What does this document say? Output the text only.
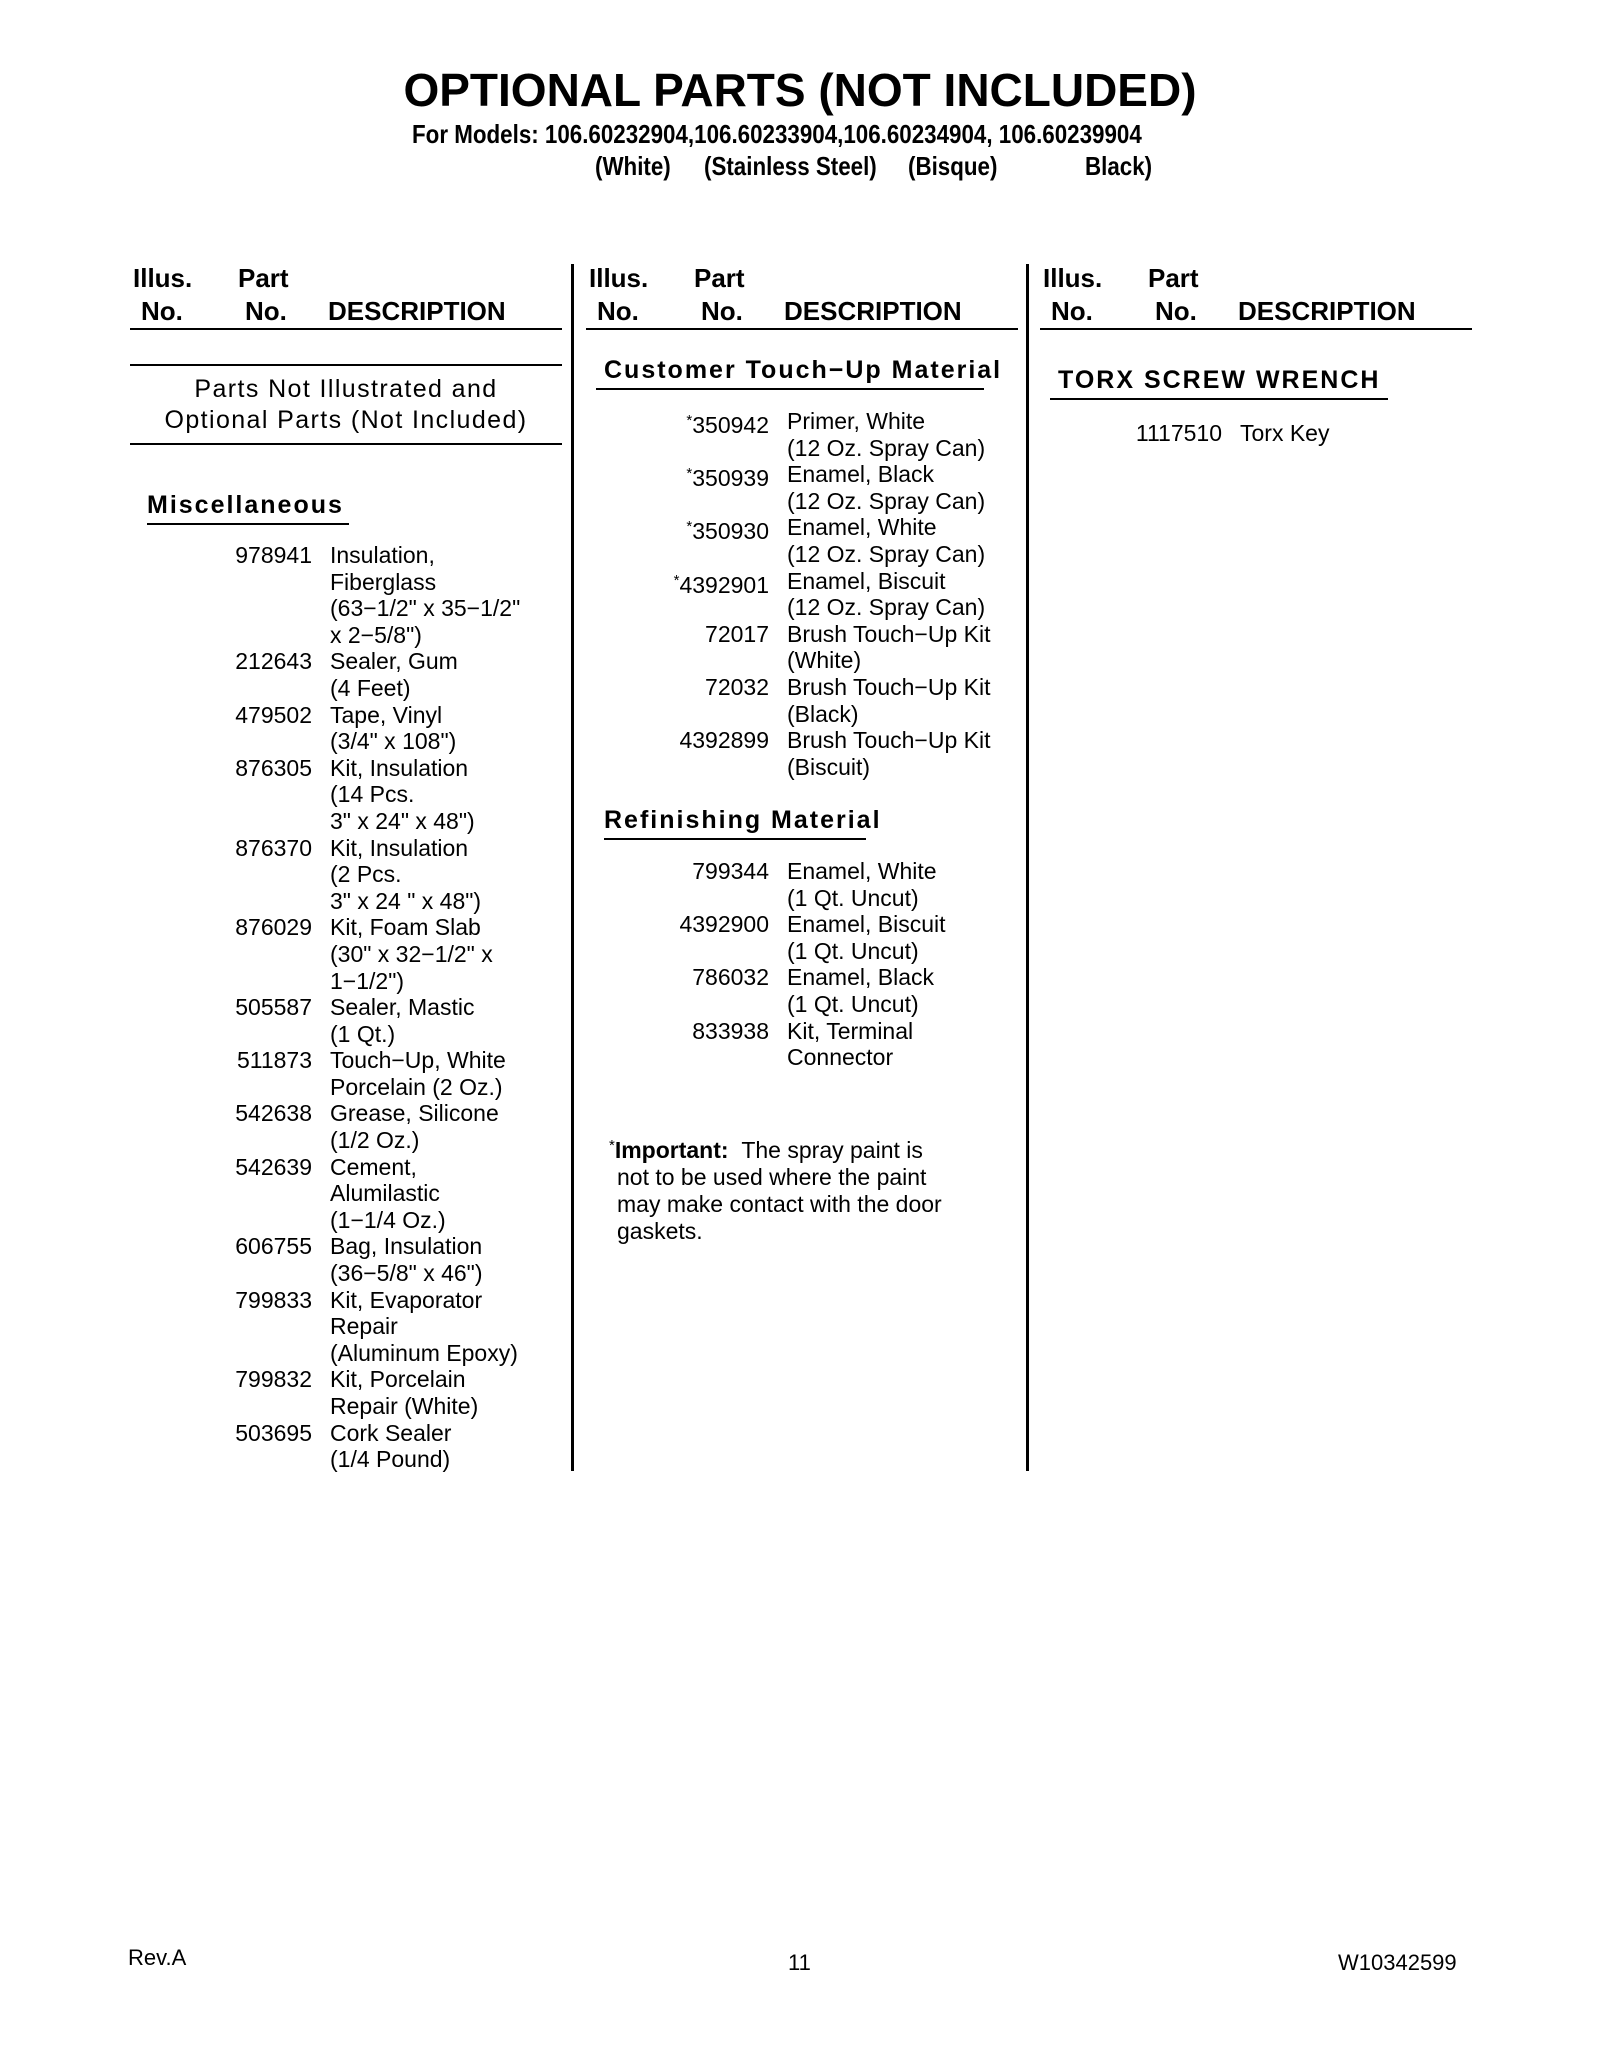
OPTIONAL PARTS (NOT INCLUDED)
For Models: 106.60232904,106.60233904,106.60234904, 106.60239904
(White) (Stainless Steel) (Bisque)	Black)
Illus. Part
No. No. DESCRIPTION
Illus. Part
No. No. DESCRIPTION
Illus. Part
No. No. DESCRIPTION
Parts Not Illustrated and
Optional Parts (Not Included)
Miscellaneous
978941 Insulation,
Fiberglass
(63−1/2" x 35−1/2"
x 2−5/8")
212643 Sealer, Gum
(4 Feet)
479502 Tape, Vinyl
(3/4" x 108")
876305 Kit, Insulation
(14 Pcs.
3" x 24" x 48")
876370 Kit, Insulation
(2 Pcs.
3" x 24 " x 48")
876029 Kit, Foam Slab
(30" x 32−1/2" x
1−1/2")
505587 Sealer, Mastic
(1 Qt.)
511873 Touch−Up, White
Porcelain (2 Oz.)
542638 Grease, Silicone
(1/2 Oz.)
542639 Cement,
Alumilastic
(1−1/4 Oz.)
606755 Bag, Insulation
(36−5/8" x 46")
799833 Kit, Evaporator
Repair
(Aluminum Epoxy)
799832 Kit, Porcelain
Repair (White)
503695 Cork Sealer
(1/4 Pound)
Customer Touch−Up Material
*350942 Primer, White
(12 Oz. Spray Can)
*350939 Enamel, Black
(12 Oz. Spray Can)
*350930 Enamel, White
(12 Oz. Spray Can)
*4392901 Enamel, Biscuit
(12 Oz. Spray Can)
72017 Brush Touch−Up Kit
(White)
72032 Brush Touch−Up Kit
(Black)
4392899 Brush Touch−Up Kit
(Biscuit)
Refinishing Material
799344 Enamel, White
(1 Qt. Uncut)
4392900 Enamel, Biscuit
(1 Qt. Uncut)
786032 Enamel, Black
(1 Qt. Uncut)
833938 Kit, Terminal
Connector
*Important: The spray paint is
not to be used where the paint
may make contact with the door
gaskets.
TORX SCREW WRENCH
1117510 Torx Key
Rev.A	11	W10342599
